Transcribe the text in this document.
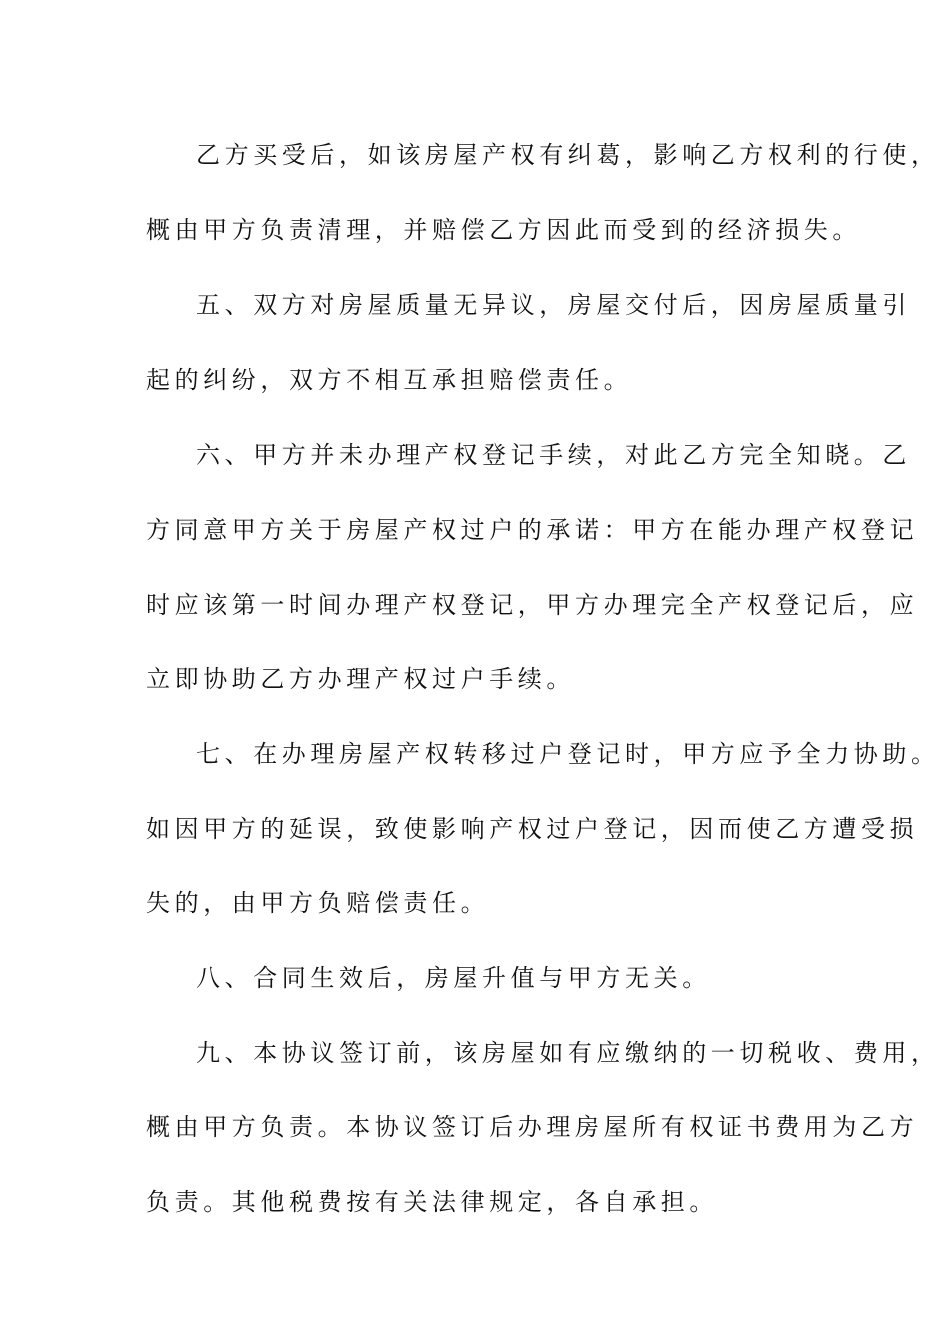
乙方买受后，如该房屋产权有纠葛，影响乙方权利的行使，
概由甲方负责清理，并赔偿乙方因此而受到的经济损失。
五、双方对房屋质量无异议，房屋交付后，因房屋质量引
起的纠纷，双方不相互承担赔偿责任。
六、甲方并未办理产权登记手续，对此乙方完全知晓。乙
方同意甲方关于房屋产权过户的承诺：甲方在能办理产权登记
时应该第一时间办理产权登记，甲方办理完全产权登记后，应
立即协助乙方办理产权过户手续。
七、在办理房屋产权转移过户登记时，甲方应予全力协助。
如因甲方的延误，致使影响产权过户登记，因而使乙方遭受损
失的，由甲方负赔偿责任。
八、合同生效后，房屋升值与甲方无关。
九、本协议签订前，该房屋如有应缴纳的一切税收、费用，
概由甲方负责。本协议签订后办理房屋所有权证书费用为乙方
负责。其他税费按有关法律规定，各自承担。
